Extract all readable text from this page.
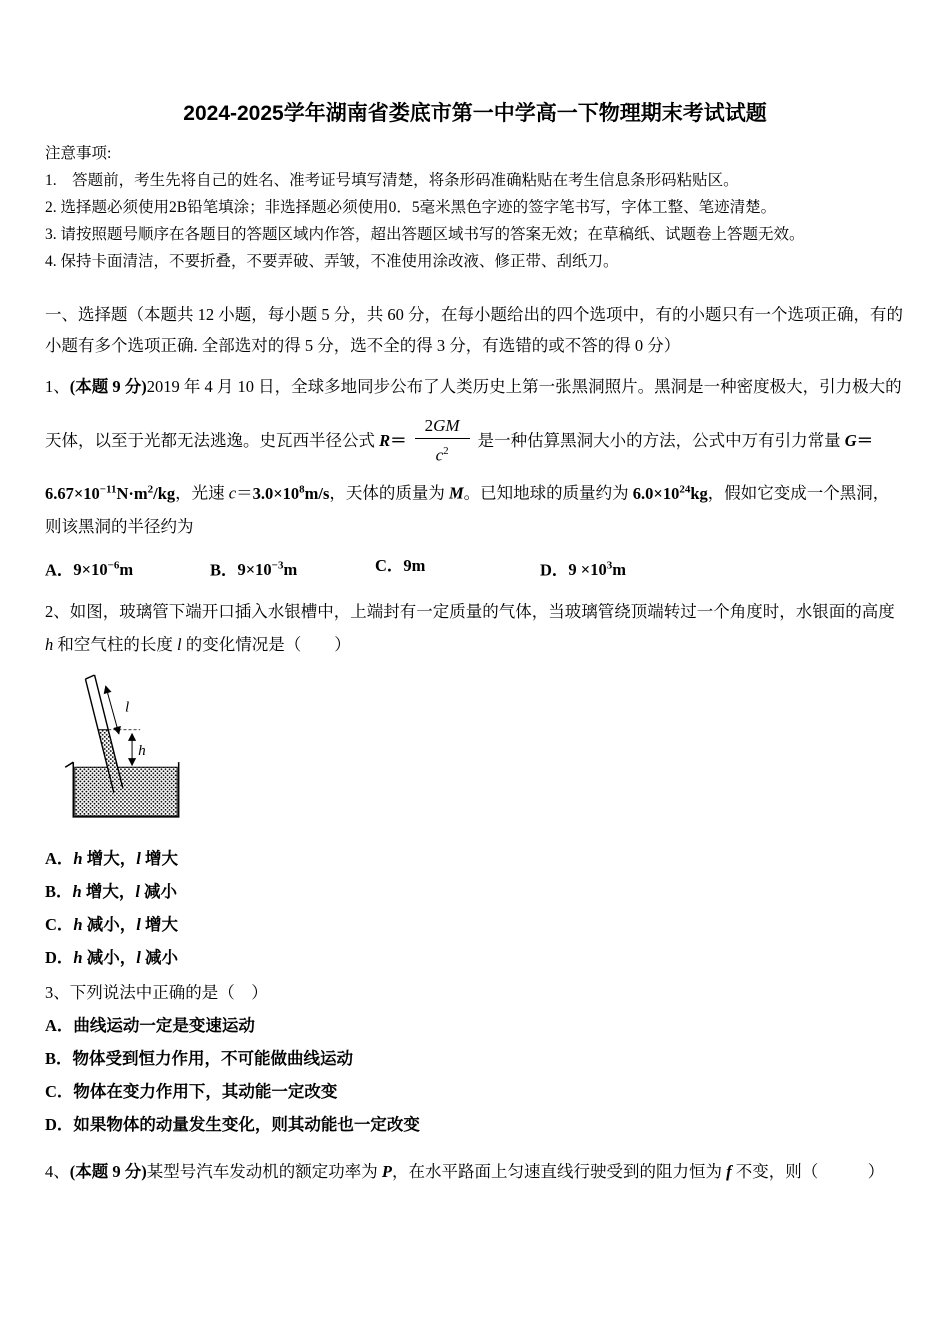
2024-2025学年湖南省娄底市第一中学高一下物理期末考试试题
注意事项:
1.    答题前，考生先将自己的姓名、准考证号填写清楚，将条形码准确粘贴在考生信息条形码粘贴区。
2. 选择题必须使用2B铅笔填涂；非选择题必须使用0．5毫米黑色字迹的签字笔书写，字体工整、笔迹清楚。
3. 请按照题号顺序在各题目的答题区域内作答，超出答题区域书写的答案无效；在草稿纸、试题卷上答题无效。
4. 保持卡面清洁，不要折叠，不要弄破、弄皱，不准使用涂改液、修正带、刮纸刀。

一、选择题（本题共 12 小题，每小题 5 分，共 60 分，在每小题给出的四个选项中，有的小题只有一个选项正确，有的小题有多个选项正确. 全部选对的得 5 分，选不全的得 3 分，有选错的或不答的得 0 分）

1、(本题 9 分)2019 年 4 月 10 日，全球多地同步公布了人类历史上第一张黑洞照片。黑洞是一种密度极大，引力极大的

天体，以至于光都无法逃逸。史瓦西半径公式 $R= \frac{2GM}{c^2}$ 是一种估算黑洞大小的方法，公式中万有引力常量 G＝

$6.67\times 10^{-11}N\cdot m^2/kg$，光速 $c=3.0\times 10^8m/s$，天体的质量为 M。已知地球的质量约为 $6.0\times 10^{24}kg$，假如它变成一个黑洞，

则该黑洞的半径约为

A．$9\times 10^{-6}m$	B．$9\times 10^{-3}m$	C．9m	D．$9 \times 10^3m$

2、如图，玻璃管下端开口插入水银槽中，上端封有一定质量的气体，当玻璃管绕顶端转过一个角度时，水银面的高度

h 和空气柱的长度 l 的变化情况是（　　）

l
h
A．h 增大，l 增大
B．h 增大，l 减小
C．h 减小，l 增大
D．h 减小，l 减小

3、下列说法中正确的是（　）

A．曲线运动一定是变速运动
B．物体受到恒力作用，不可能做曲线运动
C．物体在变力作用下，其动能一定改变
D．如果物体的动量发生变化，则其动能也一定改变

4、(本题 9 分)某型号汽车发动机的额定功率为 P，在水平路面上匀速直线行驶受到的阻力恒为 f 不变，则（　　　）
